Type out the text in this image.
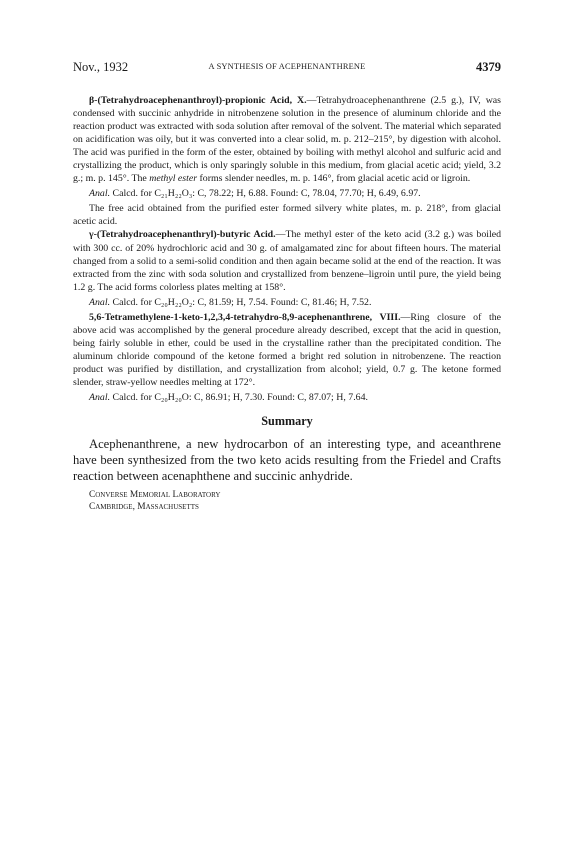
Nov., 1932	A SYNTHESIS OF ACEPHENANTHRENE	4379

β-(Tetrahydroacephenanthroyl)-propionic Acid, X.—Tetrahydroacephenanthrene (2.5 g.), IV, was condensed with succinic anhydride in nitrobenzene solution in the presence of aluminum chloride and the reaction product was extracted with soda solution after removal of the solvent. The material which separated on acidification was oily, but it was converted into a clear solid, m. p. 212–215°, by digestion with alcohol. The acid was purified in the form of the ester, obtained by boiling with methyl alcohol and sulfuric acid and crystallizing the product, which is only sparingly soluble in this medium, from glacial acetic acid; yield, 3.2 g.; m. p. 145°. The methyl ester forms slender needles, m. p. 146°, from glacial acetic acid or ligroin.

Anal. Calcd. for C₂₁H₂₂O₃: C, 78.22; H, 6.88. Found: C, 78.04, 77.70; H, 6.49, 6.97.

The free acid obtained from the purified ester formed silvery white plates, m. p. 218°, from glacial acetic acid.

γ-(Tetrahydroacephenanthryl)-butyric Acid.—The methyl ester of the keto acid (3.2 g.) was boiled with 300 cc. of 20% hydrochloric acid and 30 g. of amalgamated zinc for about fifteen hours. The material changed from a solid to a semi-solid condition and then again became solid at the end of the reaction. It was extracted from the zinc with soda solution and crystallized from benzene–ligroin until pure, the yield being 1.2 g. The acid forms colorless plates melting at 158°.

Anal. Calcd. for C₂₀H₂₂O₂: C, 81.59; H, 7.54. Found: C, 81.46; H, 7.52.

5,6-Tetramethylene-1-keto-1,2,3,4-tetrahydro-8,9-acephenanthrene, VIII.—Ring closure of the above acid was accomplished by the general procedure already described, except that the acid in question, being fairly soluble in ether, could be used in the crystalline rather than the precipitated condition. The aluminum chloride compound of the ketone formed a bright red solution in nitrobenzene. The reaction product was purified by distillation, and crystallization from alcohol; yield, 0.7 g. The ketone formed slender, straw-yellow needles melting at 172°.

Anal. Calcd. for C₂₀H₂₀O: C, 86.91; H, 7.30. Found: C, 87.07; H, 7.64.

Summary

Acephenanthrene, a new hydrocarbon of an interesting type, and aceanthrene have been synthesized from the two keto acids resulting from the Friedel and Crafts reaction between acenaphthene and succinic anhydride.

Converse Memorial Laboratory
Cambridge, Massachusetts
